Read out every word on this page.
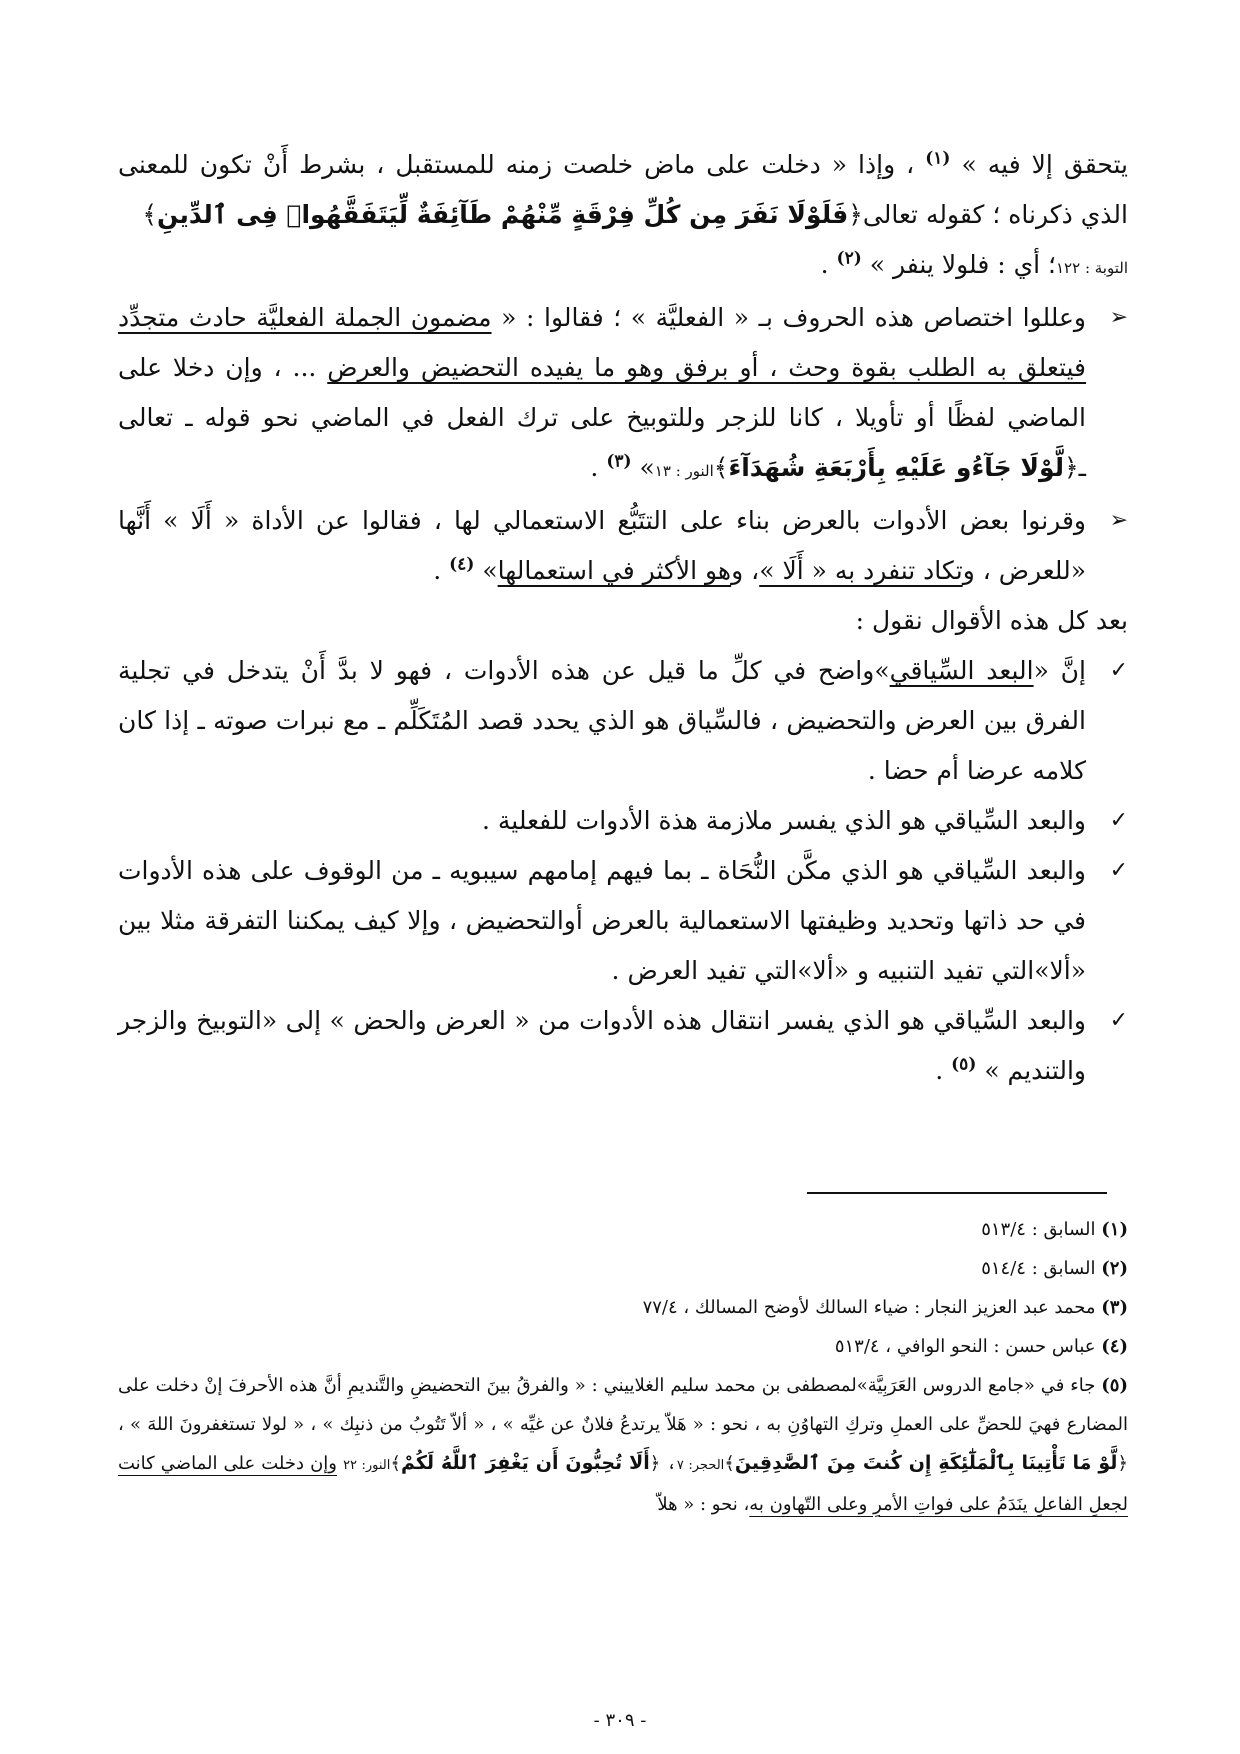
يتحقق إلا فيه » $^{(١)}$ ، وإذا « دخلت على ماض خلصت زمنه للمستقبل ، بشرط أَنْ تكون للمعنى الذي ذكرناه ؛ كقوله تعالى﴿فَلَوْلَا نَفَرَ مِن كُلِّ فِرْقَةٍ مِّنْهُمْ طَآئِفَةٌ لِّيَتَفَقَّهُوا۟ فِى ٱلدِّينِ﴾
التوبة : ١٢٢؛ أي : فلولا ينفر » $^{(٢)}$ .

➢
وعللوا اختصاص هذه الحروف بـ « الفعليَّة » ؛ فقالوا : « مضمون الجملة الفعليَّة حادث متجدِّد فيتعلق به الطلب بقوة وحث ، أو برفق وهو ما يفيده التحضيض والعرض ... ، وإن دخلا على الماضي لفظًا أو تأويلا ، كانا للزجر وللتوبيخ على ترك الفعل في الماضي نحو قوله ـ تعالى ـ﴿لَّوْلَا جَآءُو عَلَيْهِ بِأَرْبَعَةِ شُهَدَآءَ﴾النور : ١٣» $^{(٣)}$ .
➢
وقرنوا بعض الأدوات بالعرض بناء على التتَبُّع الاستعمالي لها ، فقالوا عن الأداة « أَلَا » أَنَّها «للعرض ، وتكاد تنفرد به « أَلَا »، وهو الأكثر في استعمالها» $^{(٤)}$ .

بعد كل هذه الأقوال نقول :

✓
إنَّ «البعد السِّياقي»واضح في كلِّ ما قيل عن هذه الأدوات ، فهو لا بدَّ أَنْ يتدخل في تجلية الفرق بين العرض والتحضيض ، فالسِّياق هو الذي يحدد قصد المُتَكَلِّم ـ مع نبرات صوته ـ إذا كان كلامه عرضا أم حضا .
✓
والبعد السِّياقي هو الذي يفسر ملازمة هذة الأدوات للفعلية .
✓
والبعد السِّياقي هو الذي مكَّن النُّحَاة ـ بما فيهم إمامهم سيبويه ـ من الوقوف على هذه الأدوات في حد ذاتها وتحديد وظيفتها الاستعمالية بالعرض أوالتحضيض ، وإلا كيف يمكننا التفرقة مثلا بين «ألا»التي تفيد التنبيه و «ألا»التي تفيد العرض .
✓
والبعد السِّياقي هو الذي يفسر انتقال هذه الأدوات من « العرض والحض » إلى «التوبيخ والزجر والتنديم » $^{(٥)}$ .

(١) السابق : ٥١٣/٤

(٢) السابق : ٥١٤/٤

(٣) محمد عبد العزيز النجار : ضياء السالك لأوضح المسالك ، ٧٧/٤

(٤) عباس حسن : النحو الوافي ، ٥١٣/٤

(٥) جاء في «جامع الدروس العَرَبِيَّة»لمصطفى بن محمد سليم الغلاييني : « والفرقُ بينَ التحضيضِ والتَّنديمِ أنَّ هذه الأحرفَ إنْ دخلت على المضارع فهيَ للحضِّ على العملِ وتركِ التهاوُنِ به ، نحو : « هَلاّ يرتدعُ فلانٌ عن غيِّه » ، « ألاّ تَتُوبُ من ذنبِك » ، « لولا تستغفرونَ اللهَ » ، ﴿لَّوْ مَا تَأْتِينَا بِٱلْمَلَٰٓئِكَةِ إِن كُنتَ مِنَ ٱلصَّٰدِقِينَ﴾الحجر: ٧، ﴿أَلَا تُحِبُّونَ أَن يَغْفِرَ ٱللَّهُ لَكُمْ﴾النور: ٢٢ وإن دخلت على الماضي كانت لجعلِ الفاعلِ ينَدَمُ على فواتِ الأمرِ وعلى التّهاون به، نحو : « هلاّ

- ٣٠٩ -
